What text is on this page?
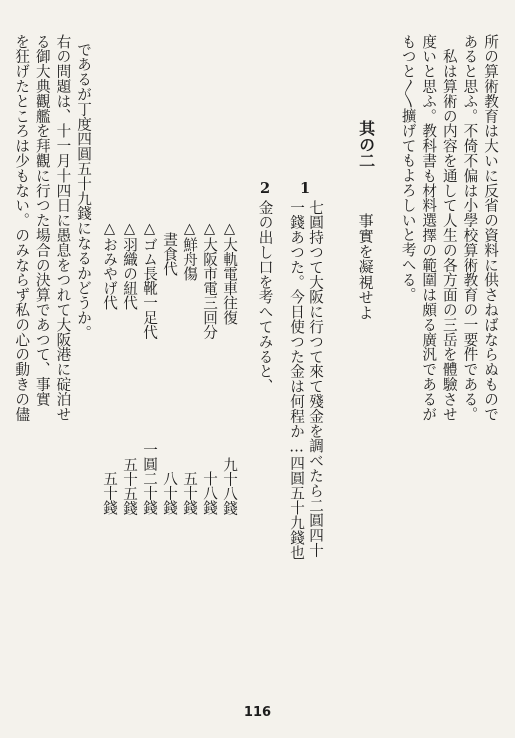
所の算術教育は大いに反省の資料に供さねばならぬもので
あると思ふ。不倚不偏は小學校算術教育の一要件である。
　私は算術の内容を通して人生の各方面の三岳を體驗させ
度いと思ふ。教科書も材料選擇の範圍は頗る廣汎であるが
もつと〳〵擴げてもよろしいと考へる。
其の二
事實を凝視せよ
1
七圓持つて大阪に行つて來て殘金を調べたら二圓四十
一錢あつた。今日使つた金は何程か…四圓五十九錢也
2
金の出し口を考へてみると、
△大軌電車往復
九十八錢
△大阪市電三回分
十八錢
△鮮舟傷
五十錢
晝食代
八十錢
△ゴム長靴一足代
一圓二十錢
△羽織の紐代
五十五錢
△おみやげ代
五十錢
であるが丁度四圓五十九錢になるかどうか。
右の問題は、十一月十四日に愚息をつれて大阪港に碇泊せ
る御大典觀艦を拜觀に行つた場合の決算であつて、事實
を狂げたところは少もない。のみならず私の心の動きの儘
116
